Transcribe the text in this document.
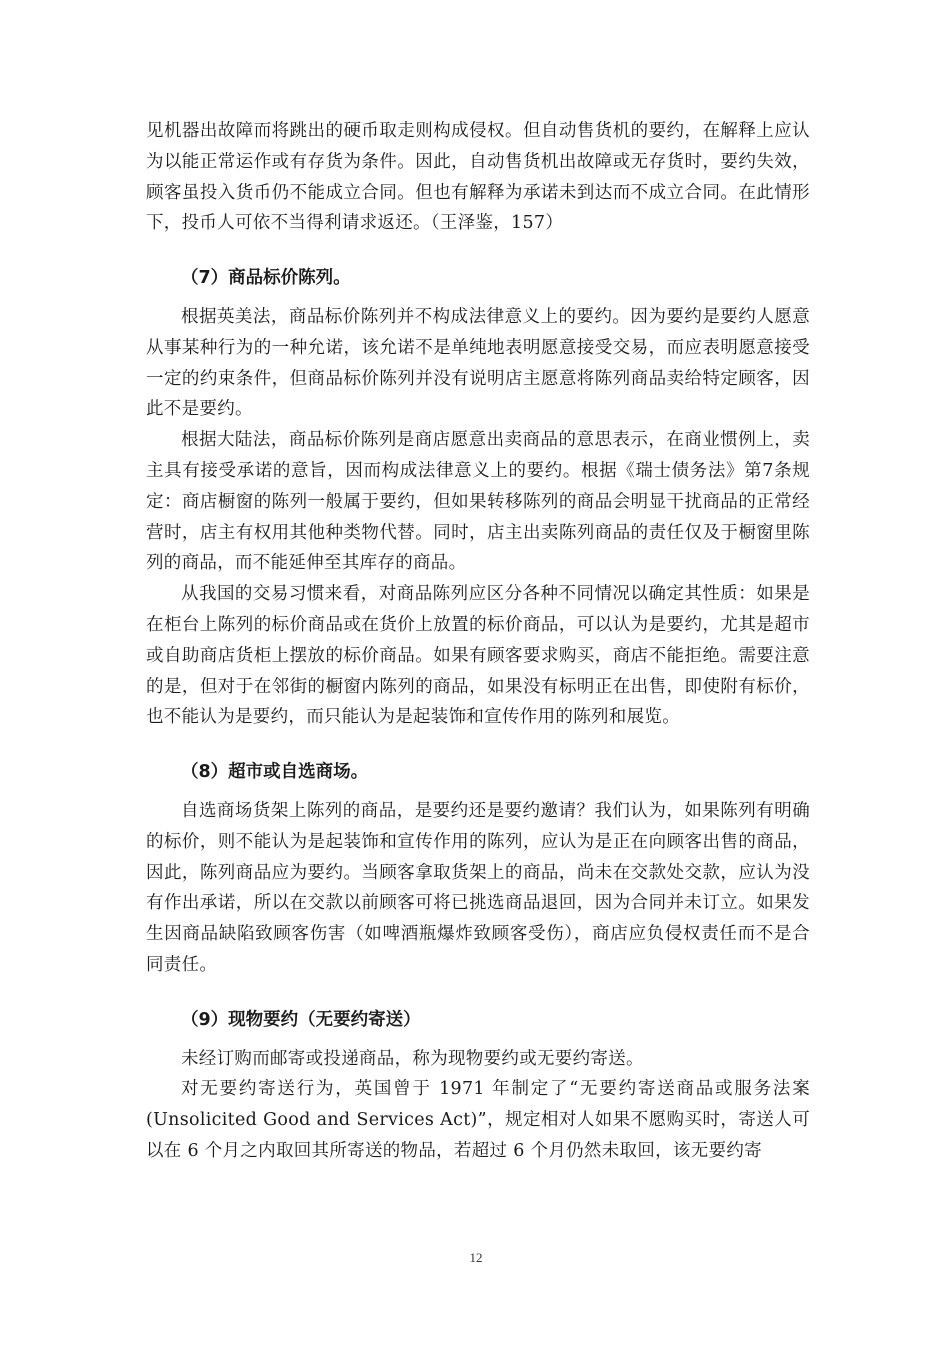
见机器出故障而将跳出的硬币取走则构成侵权。但自动售货机的要约，在解释上应认为以能正常运作或有存货为条件。因此，自动售货机出故障或无存货时，要约失效，顾客虽投入货币仍不能成立合同。但也有解释为承诺未到达而不成立合同。在此情形下，投币人可依不当得利请求返还。（王泽鉴，157）

（7）商品标价陈列。

根据英美法，商品标价陈列并不构成法律意义上的要约。因为要约是要约人愿意从事某种行为的一种允诺，该允诺不是单纯地表明愿意接受交易，而应表明愿意接受一定的约束条件，但商品标价陈列并没有说明店主愿意将陈列商品卖给特定顾客，因此不是要约。

根据大陆法，商品标价陈列是商店愿意出卖商品的意思表示，在商业惯例上，卖主具有接受承诺的意旨，因而构成法律意义上的要约。根据《瑞士债务法》第7条规定：商店橱窗的陈列一般属于要约，但如果转移陈列的商品会明显干扰商品的正常经营时，店主有权用其他种类物代替。同时，店主出卖陈列商品的责任仅及于橱窗里陈列的商品，而不能延伸至其库存的商品。

从我国的交易习惯来看，对商品陈列应区分各种不同情况以确定其性质：如果是在柜台上陈列的标价商品或在货价上放置的标价商品，可以认为是要约，尤其是超市或自助商店货柜上摆放的标价商品。如果有顾客要求购买，商店不能拒绝。需要注意的是，但对于在邻街的橱窗内陈列的商品，如果没有标明正在出售，即使附有标价，也不能认为是要约，而只能认为是起装饰和宣传作用的陈列和展览。

（8）超市或自选商场。

自选商场货架上陈列的商品，是要约还是要约邀请？我们认为，如果陈列有明确的标价，则不能认为是起装饰和宣传作用的陈列，应认为是正在向顾客出售的商品，因此，陈列商品应为要约。当顾客拿取货架上的商品，尚未在交款处交款，应认为没有作出承诺，所以在交款以前顾客可将已挑选商品退回，因为合同并未订立。如果发生因商品缺陷致顾客伤害（如啤酒瓶爆炸致顾客受伤），商店应负侵权责任而不是合同责任。

（9）现物要约（无要约寄送）

未经订购而邮寄或投递商品，称为现物要约或无要约寄送。

对无要约寄送行为，英国曾于 1971 年制定了“无要约寄送商品或服务法案(Unsolicited Good and Services Act)”，规定相对人如果不愿购买时，寄送人可以在 6 个月之内取回其所寄送的物品，若超过 6 个月仍然未取回，该无要约寄

12
